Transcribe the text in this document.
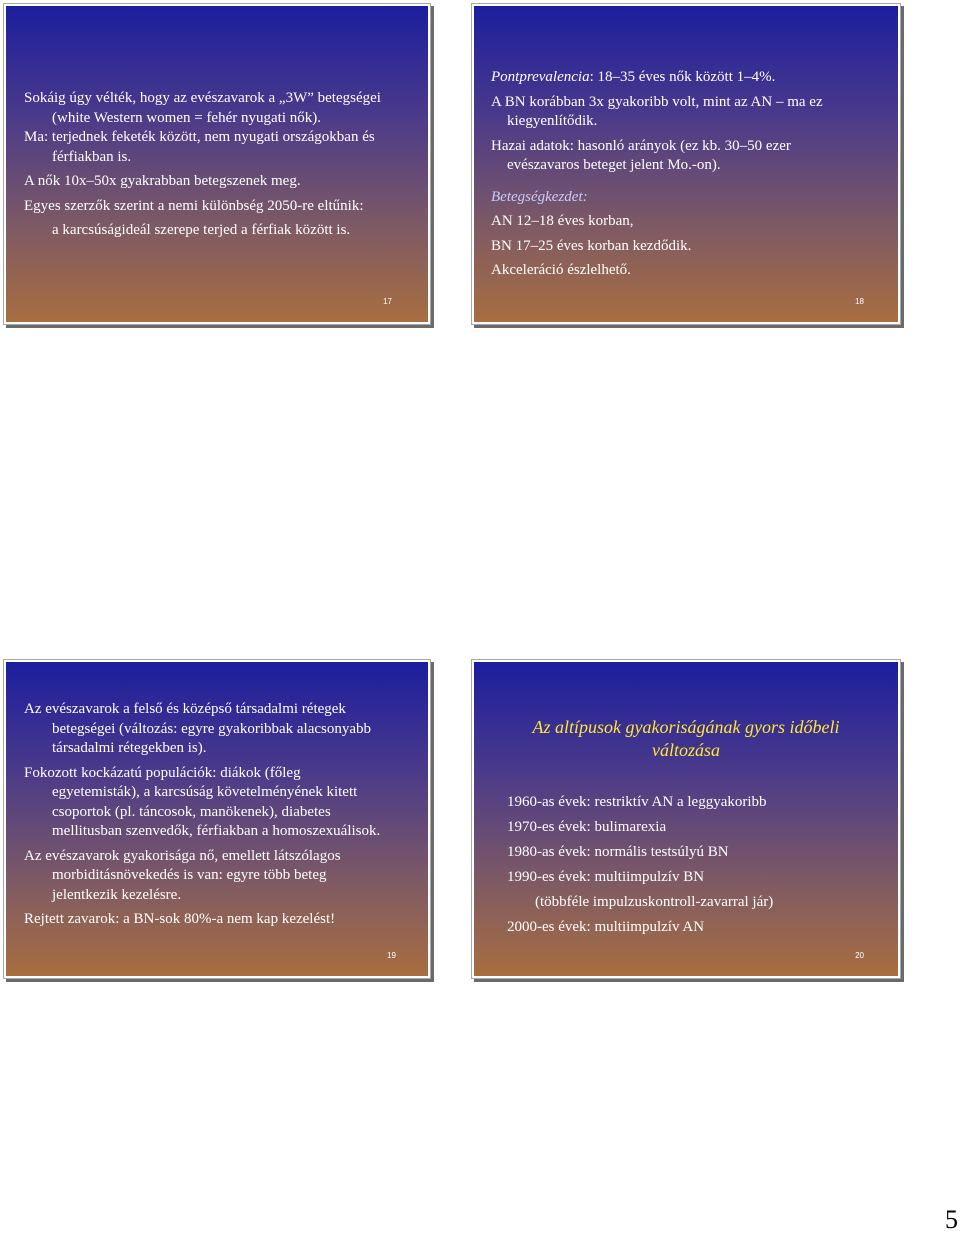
Sokáig úgy vélték, hogy az evészavarok a „3W” betegségei
(white Western women = fehér nyugati nők).
Ma: terjednek feketék között, nem nyugati országokban és
férfiakban is.
A nők 10x–50x gyakrabban betegszenek meg.
Egyes szerzők szerint a nemi különbség 2050-re eltűnik:
a karcsúságideál szerepe terjed a férfiak között is.
17
Pontprevalencia: 18–35 éves nők között 1–4%.
A BN korábban 3x gyakoribb volt, mint az AN – ma ez
kiegyenlítődik.
Hazai adatok: hasonló arányok (ez kb. 30–50 ezer
evészavaros beteget jelent Mo.-on).
Betegségkezdet:
AN 12–18 éves korban,
BN 17–25 éves korban kezdődik.
Akceleráció észlelhető.
18
Az evészavarok a felső és középső társadalmi rétegek
betegségei (változás: egyre gyakoribbak alacsonyabb
társadalmi rétegekben is).
Fokozott kockázatú populációk: diákok (főleg
egyetemisták), a karcsúság követelményének kitett
csoportok (pl. táncosok, manökenek), diabetes
mellitusban szenvedők, férfiakban a homoszexuálisok.
Az evészavarok gyakorisága nő, emellett látszólagos
morbiditásnövekedés is van: egyre több beteg
jelentkezik kezelésre.
Rejtett zavarok: a BN-sok 80%-a nem kap kezelést!
19
Az altípusok gyakoriságának gyors időbeli
változása
1960-as évek: restriktív AN a leggyakoribb
1970-es évek: bulimarexia
1980-as évek: normális testsúlyú BN
1990-es évek: multiimpulzív BN
(többféle impulzuskontroll-zavarral jár)
2000-es évek: multiimpulzív AN
20
5
